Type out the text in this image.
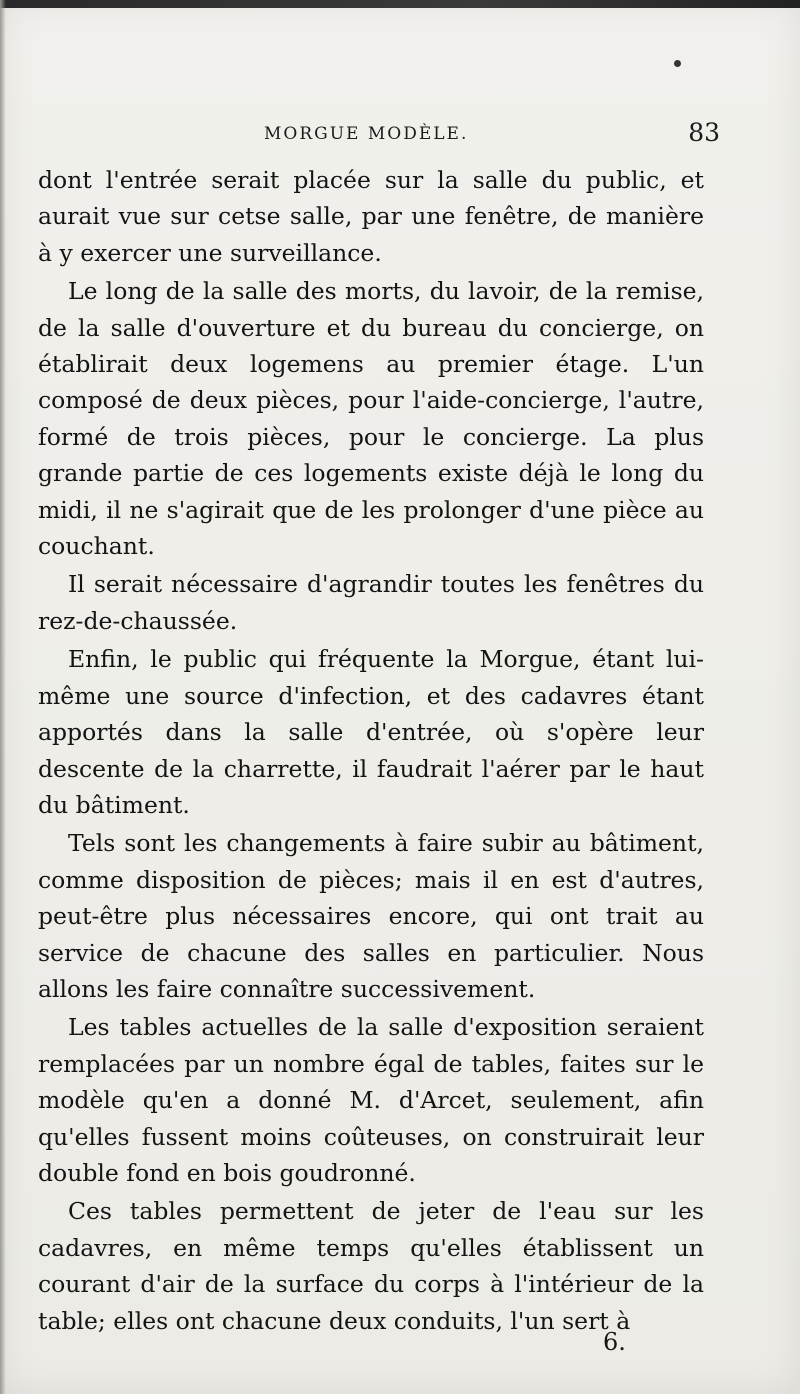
MORGUE MODÈLE.	83

dont l'entrée serait placée sur la salle du public, et aurait vue sur cetse salle, par une fenêtre, de manière à y exercer une surveillance.

Le long de la salle des morts, du lavoir, de la remise, de la salle d'ouverture et du bureau du concierge, on établirait deux logemens au premier étage. L'un composé de deux pièces, pour l'aide-concierge, l'autre, formé de trois pièces, pour le concierge. La plus grande partie de ces logements existe déjà le long du midi, il ne s'agirait que de les prolonger d'une pièce au couchant.

Il serait nécessaire d'agrandir toutes les fenêtres du rez-de-chaussée.

Enfin, le public qui fréquente la Morgue, étant lui-même une source d'infection, et des cadavres étant apportés dans la salle d'entrée, où s'opère leur descente de la charrette, il faudrait l'aérer par le haut du bâtiment.

Tels sont les changements à faire subir au bâtiment, comme disposition de pièces; mais il en est d'autres, peut-être plus nécessaires encore, qui ont trait au service de chacune des salles en particulier. Nous allons les faire connaître successivement.

Les tables actuelles de la salle d'exposition seraient remplacées par un nombre égal de tables, faites sur le modèle qu'en a donné M. d'Arcet, seulement, afin qu'elles fussent moins coûteuses, on construirait leur double fond en bois goudronné.

Ces tables permettent de jeter de l'eau sur les cadavres, en même temps qu'elles établissent un courant d'air de la surface du corps à l'intérieur de la table; elles ont chacune deux conduits, l'un sert à

6.
